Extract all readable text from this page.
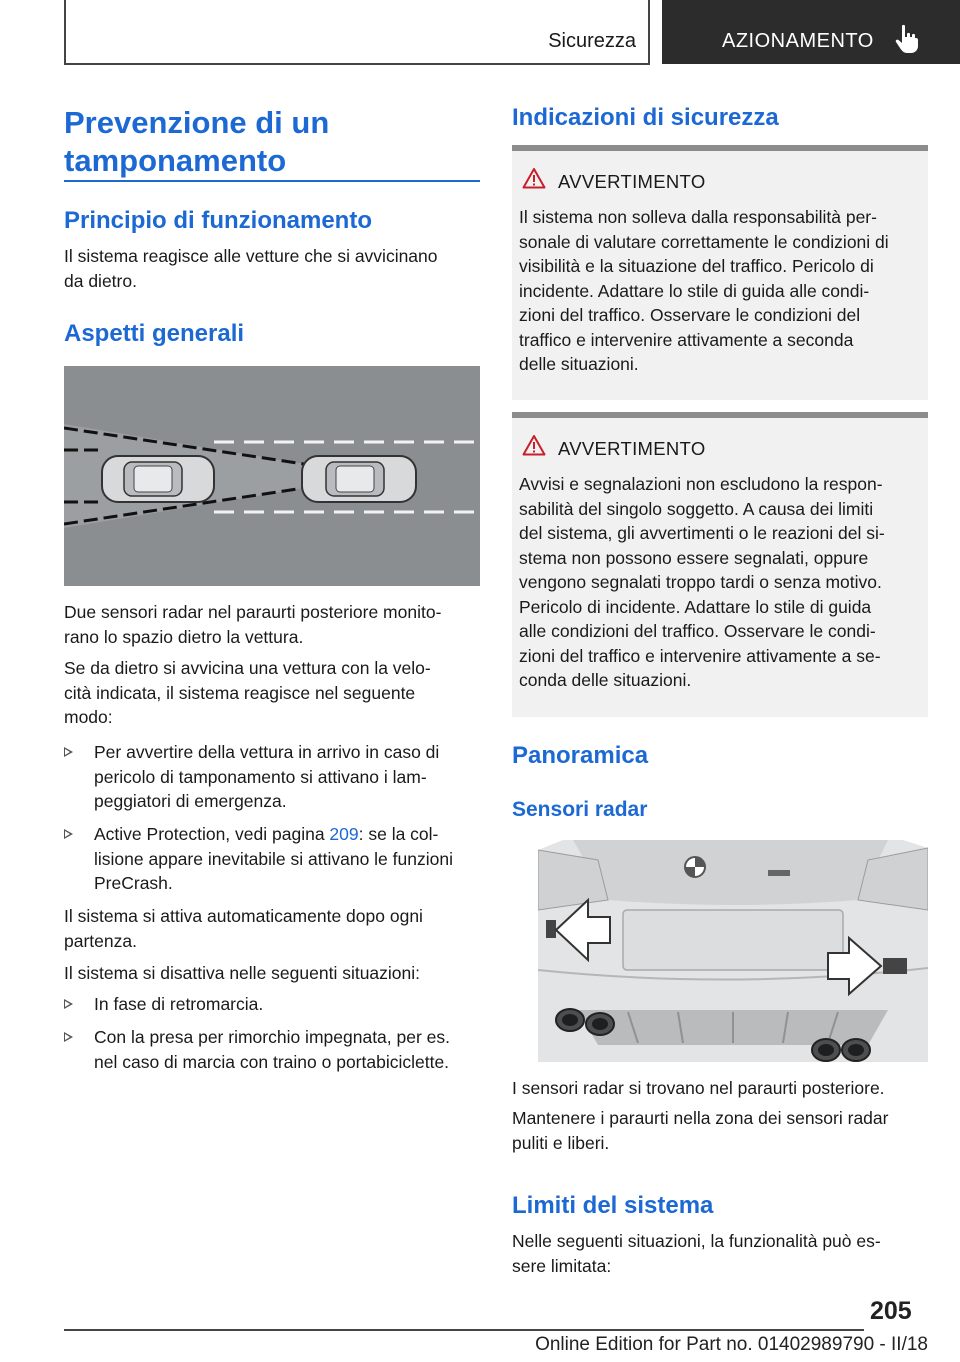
Sicurezza	AZIONAMENTO
Prevenzione di un
tamponamento
Principio di funzionamento
Il sistema reagisce alle vetture che si avvicinano
da dietro.
Aspetti generali
Due sensori radar nel paraurti posteriore monito-
rano lo spazio dietro la vettura.
Se da dietro si avvicina una vettura con la velo-
cità indicata, il sistema reagisce nel seguente
modo:
Per avvertire della vettura in arrivo in caso di
pericolo di tamponamento si attivano i lam-
peggiatori di emergenza.
Active Protection, vedi pagina 209: se la col-
lisione appare inevitabile si attivano le funzioni
PreCrash.
Il sistema si attiva automaticamente dopo ogni
partenza.
Il sistema si disattiva nelle seguenti situazioni:
In fase di retromarcia.
Con la presa per rimorchio impegnata, per es.
nel caso di marcia con traino o portabiciclette.
Indicazioni di sicurezza
AVVERTIMENTO
Il sistema non solleva dalla responsabilità per-
sonale di valutare correttamente le condizioni di
visibilità e la situazione del traffico. Pericolo di
incidente. Adattare lo stile di guida alle condi-
zioni del traffico. Osservare le condizioni del
traffico e intervenire attivamente a seconda
delle situazioni.
AVVERTIMENTO
Avvisi e segnalazioni non escludono la respon-
sabilità del singolo soggetto. A causa dei limiti
del sistema, gli avvertimenti o le reazioni del si-
stema non possono essere segnalati, oppure
vengono segnalati troppo tardi o senza motivo.
Pericolo di incidente. Adattare lo stile di guida
alle condizioni del traffico. Osservare le condi-
zioni del traffico e intervenire attivamente a se-
conda delle situazioni.
Panoramica
Sensori radar
I sensori radar si trovano nel paraurti posteriore.
Mantenere i paraurti nella zona dei sensori radar
puliti e liberi.
Limiti del sistema
Nelle seguenti situazioni, la funzionalità può es-
sere limitata:
205
Online Edition for Part no. 01402989790 - II/18
